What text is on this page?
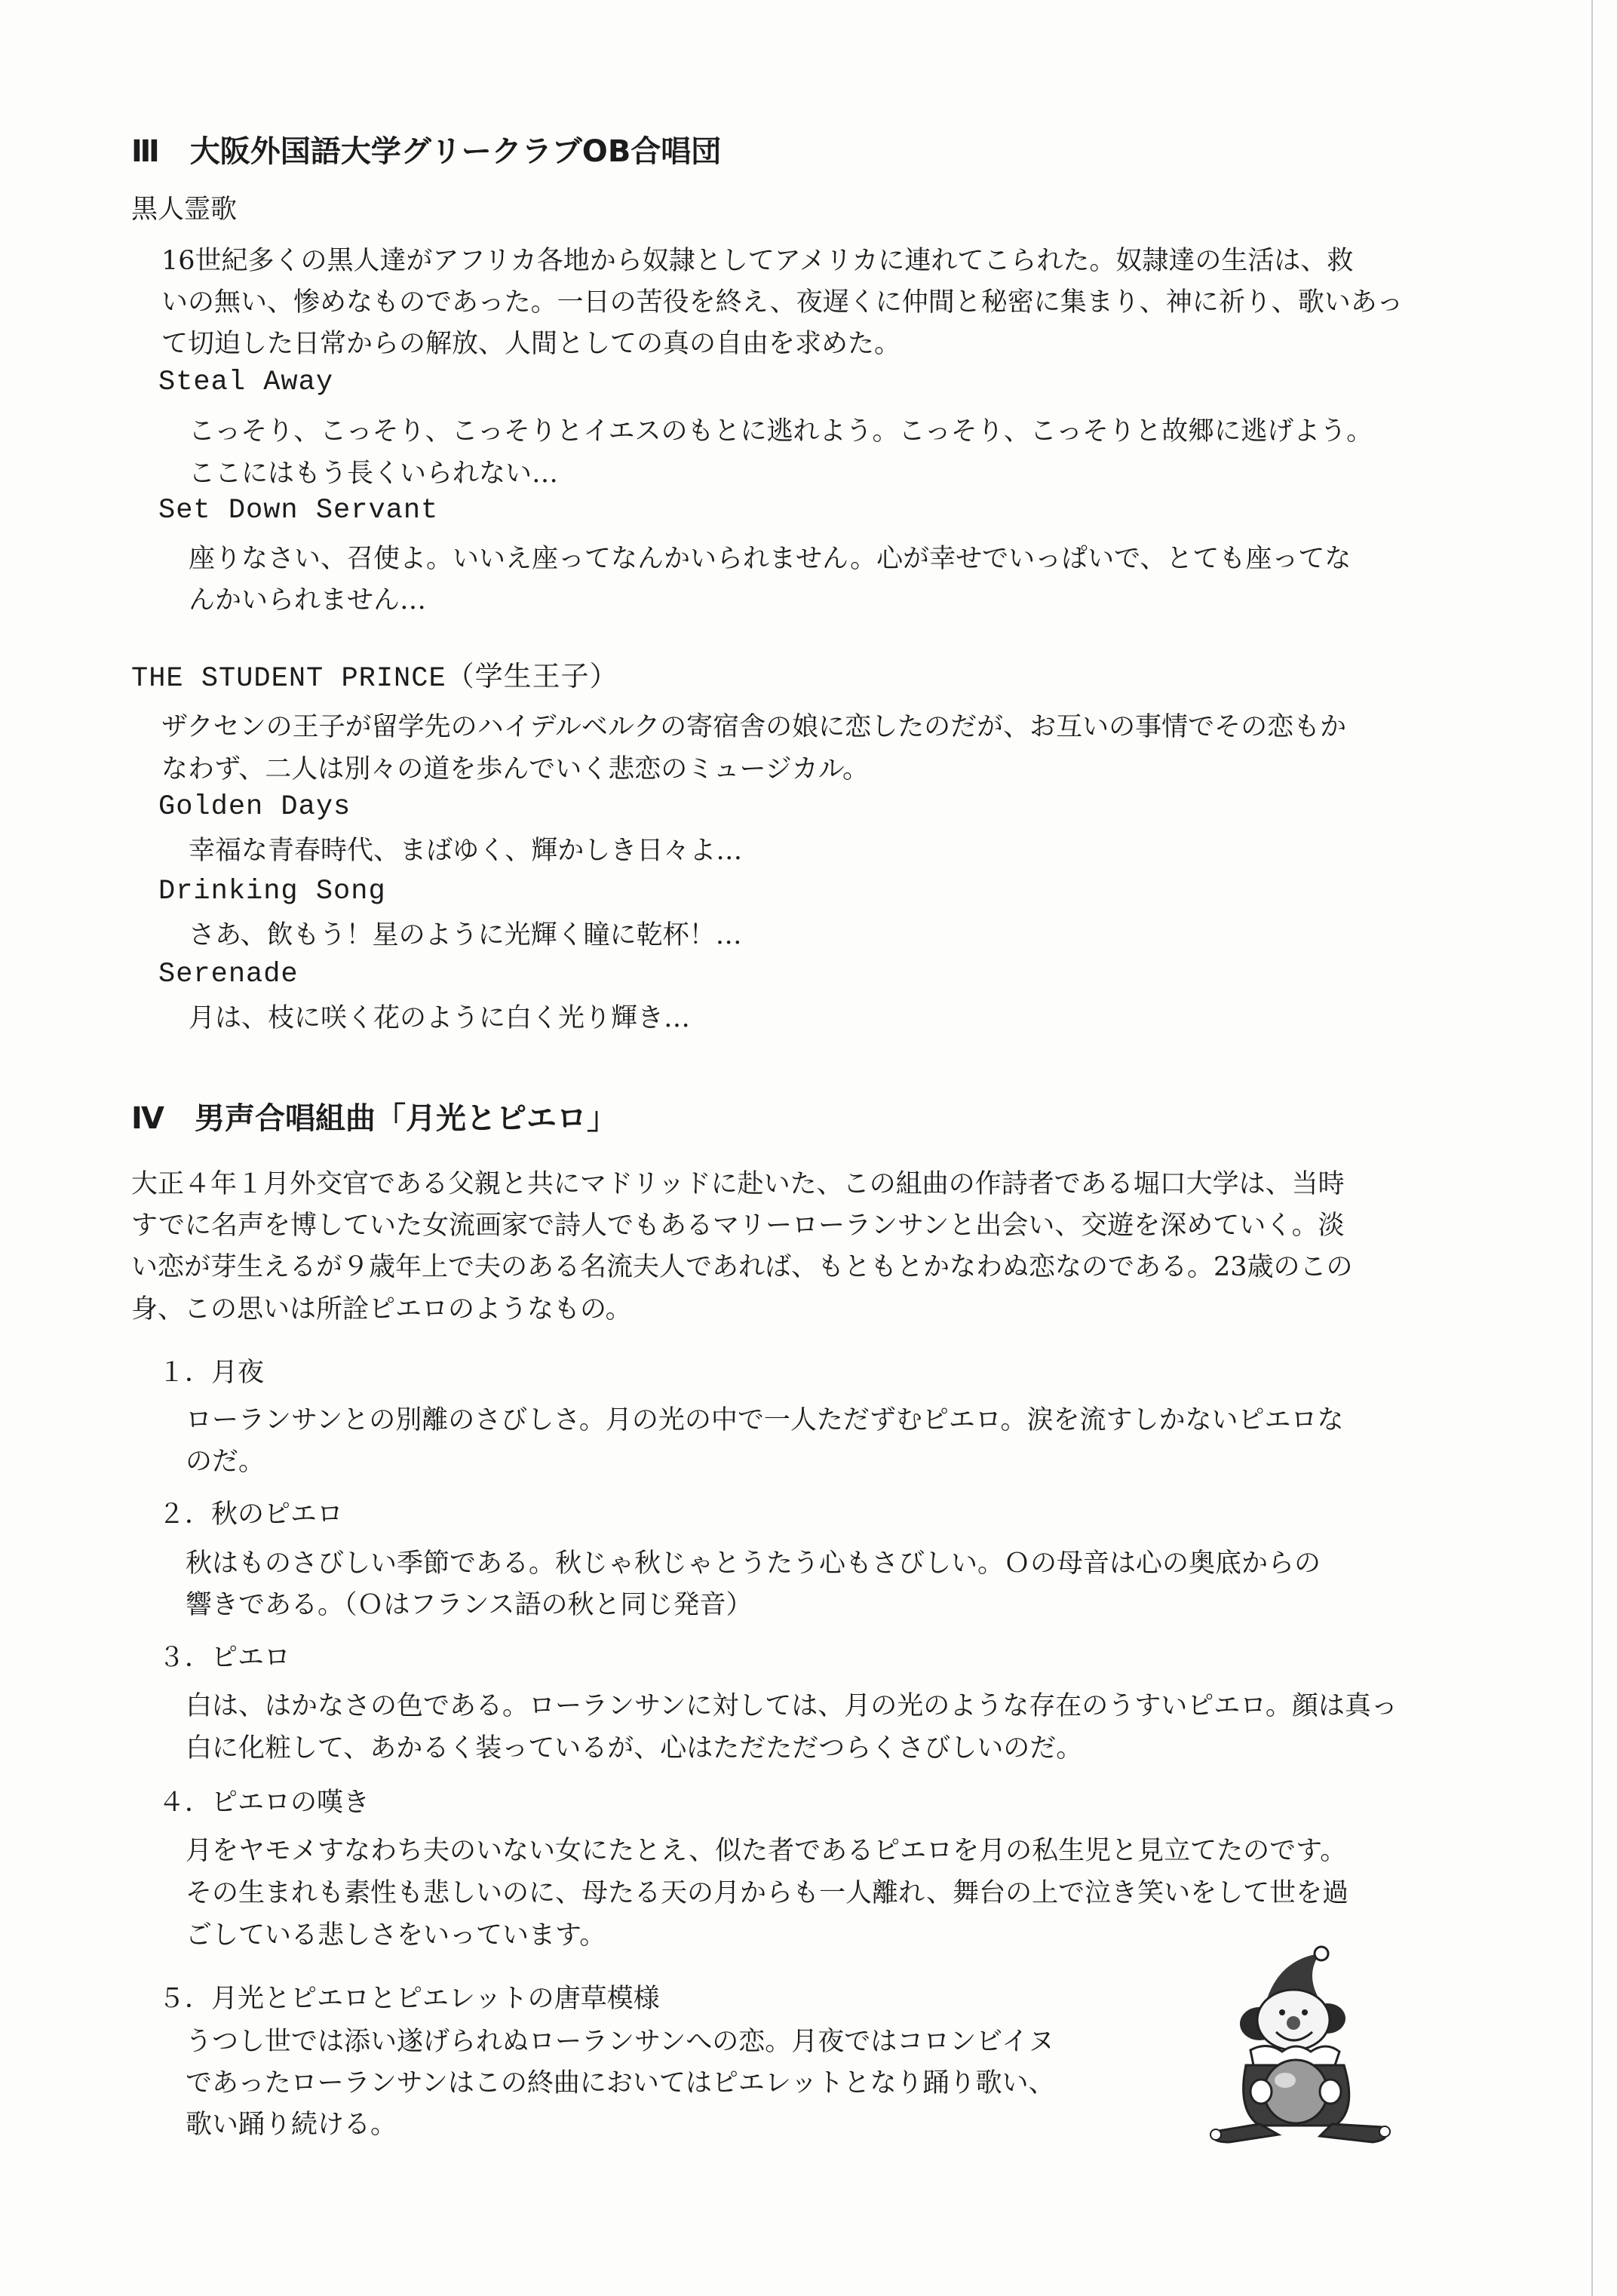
Ⅲ　大阪外国語大学グリークラブOB合唱団
黒人霊歌
16世紀多くの黒人達がアフリカ各地から奴隷としてアメリカに連れてこられた。奴隷達の生活は、救
いの無い、惨めなものであった。一日の苦役を終え、夜遅くに仲間と秘密に集まり、神に祈り、歌いあっ
て切迫した日常からの解放、人間としての真の自由を求めた。
Steal Away
こっそり、こっそり、こっそりとイエスのもとに逃れよう。こっそり、こっそりと故郷に逃げよう。
ここにはもう長くいられない…
Set Down Servant
座りなさい、召使よ。いいえ座ってなんかいられません。心が幸せでいっぱいで、とても座ってな
んかいられません…
THE STUDENT PRINCE（学生王子）
ザクセンの王子が留学先のハイデルベルクの寄宿舎の娘に恋したのだが、お互いの事情でその恋もか
なわず、二人は別々の道を歩んでいく悲恋のミュージカル。
Golden Days
幸福な青春時代、まばゆく、輝かしき日々よ…
Drinking Song
さあ、飲もう！星のように光輝く瞳に乾杯！…
Serenade
月は、枝に咲く花のように白く光り輝き…
Ⅳ　男声合唱組曲「月光とピエロ」
大正４年１月外交官である父親と共にマドリッドに赴いた、この組曲の作詩者である堀口大学は、当時
すでに名声を博していた女流画家で詩人でもあるマリーローランサンと出会い、交遊を深めていく。淡
い恋が芽生えるが９歳年上で夫のある名流夫人であれば、もともとかなわぬ恋なのである。23歳のこの
身、この思いは所詮ピエロのようなもの。
１．月夜
ローランサンとの別離のさびしさ。月の光の中で一人ただずむピエロ。涙を流すしかないピエロな
のだ。
２．秋のピエロ
秋はものさびしい季節である。秋じゃ秋じゃとうたう心もさびしい。Ｏの母音は心の奥底からの
響きである。（Ｏはフランス語の秋と同じ発音）
３．ピエロ
白は、はかなさの色である。ローランサンに対しては、月の光のような存在のうすいピエロ。顔は真っ
白に化粧して、あかるく装っているが、心はただただつらくさびしいのだ。
４．ピエロの嘆き
月をヤモメすなわち夫のいない女にたとえ、似た者であるピエロを月の私生児と見立てたのです。
その生まれも素性も悲しいのに、母たる天の月からも一人離れ、舞台の上で泣き笑いをして世を過
ごしている悲しさをいっています。
５．月光とピエロとピエレットの唐草模様
うつし世では添い遂げられぬローランサンへの恋。月夜ではコロンビイヌ
であったローランサンはこの終曲においてはピエレットとなり踊り歌い、
歌い踊り続ける。
